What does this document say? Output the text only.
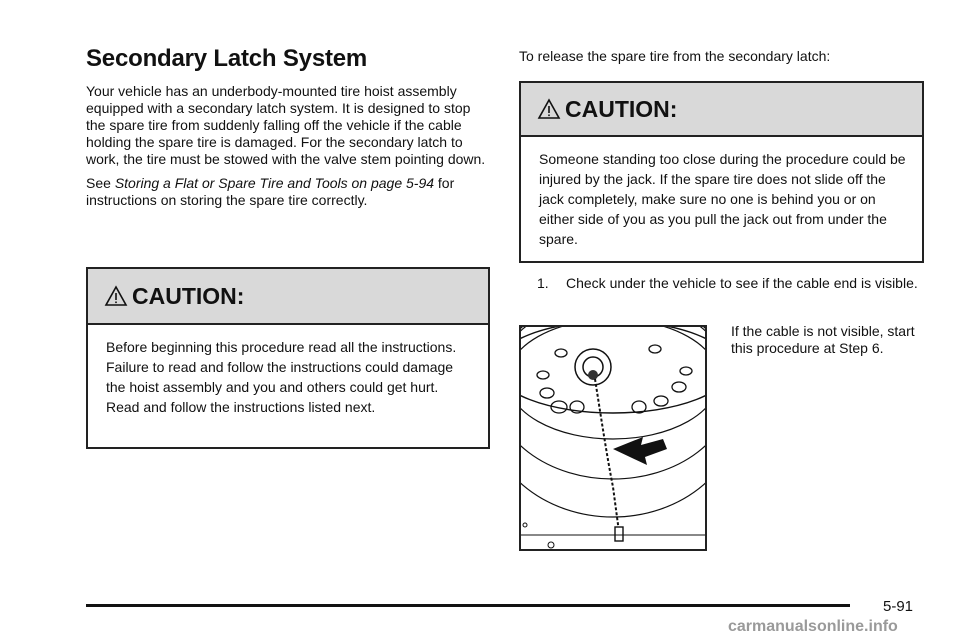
Secondary Latch System

Your vehicle has an underbody-mounted tire hoist assembly equipped with a secondary latch system. It is designed to stop the spare tire from suddenly falling off the vehicle if the cable holding the spare tire is damaged. For the secondary latch to work, the tire must be stowed with the valve stem pointing down.

See Storing a Flat or Spare Tire and Tools on page 5-94 for instructions on storing the spare tire correctly.

CAUTION:
Before beginning this procedure read all the instructions. Failure to read and follow the instructions could damage the hoist assembly and you and others could get hurt. Read and follow the instructions listed next.
To release the spare tire from the secondary latch:
CAUTION:
Someone standing too close during the procedure could be injured by the jack. If the spare tire does not slide off the jack completely, make sure no one is behind you or on either side of you as you pull the jack out from under the spare.
1.	Check under the vehicle to see if the cable end is visible.
If the cable is not visible, start this procedure at Step 6.
5-91
carmanualsonline.info
